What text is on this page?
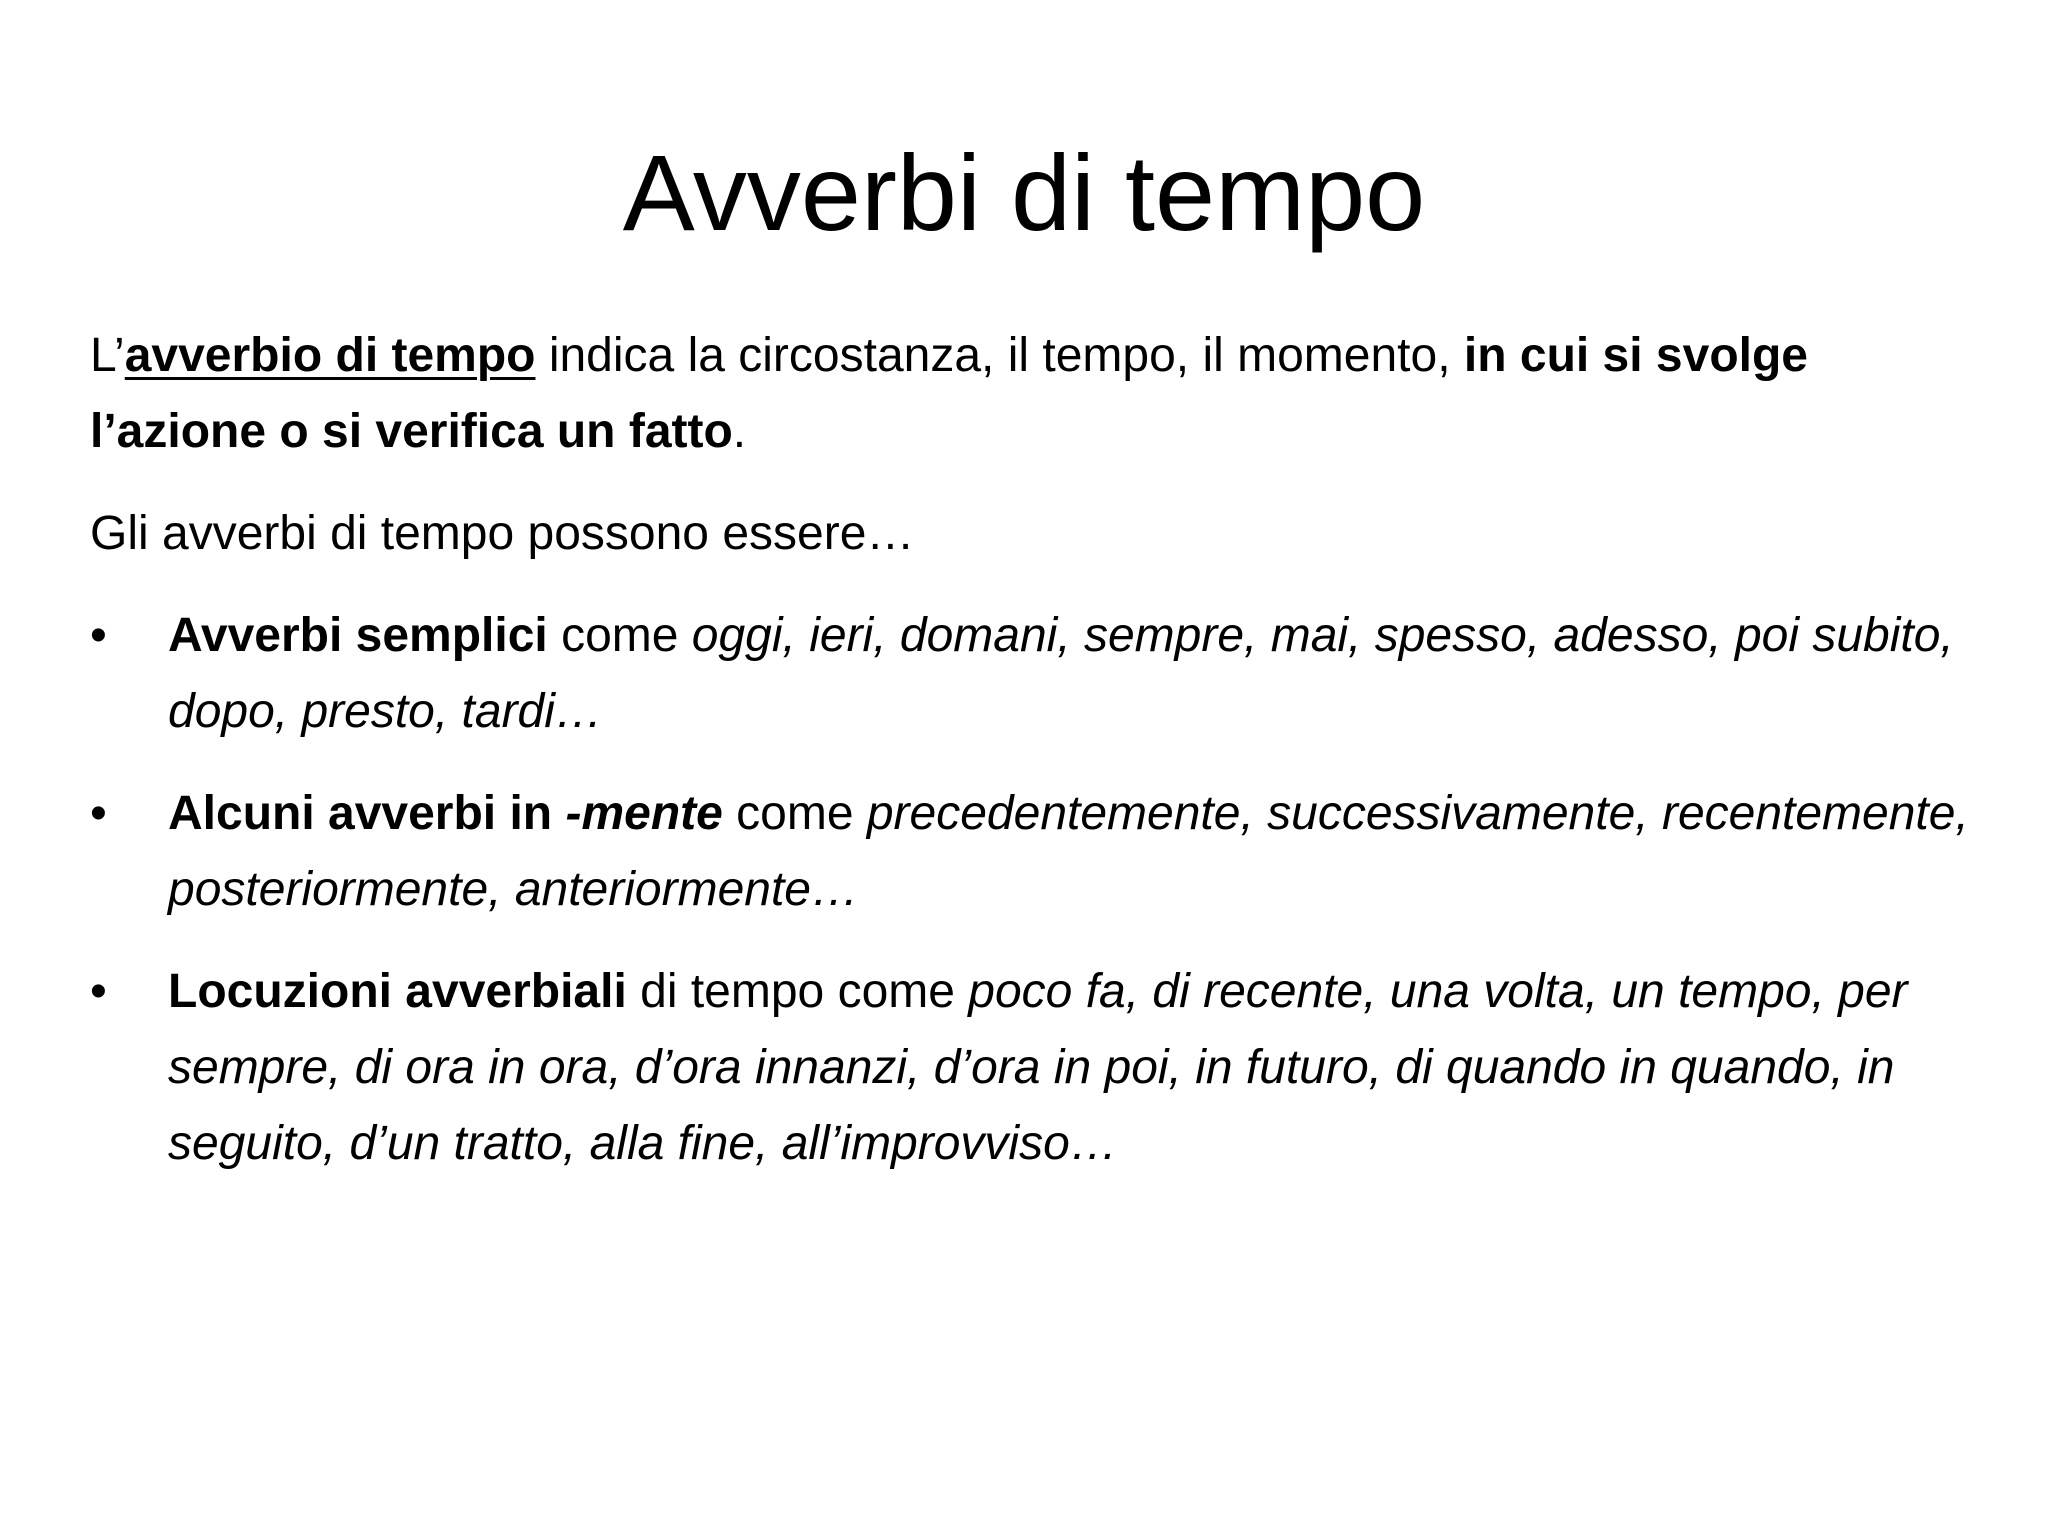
Avverbi di tempo

L’avverbio di tempo indica la circostanza, il tempo, il momento, in cui si svolge l’azione o si verifica un fatto.

Gli avverbi di tempo possono essere…

•	Avverbi semplici come oggi, ieri, domani, sempre, mai, spesso, adesso, poi subito, dopo, presto, tardi…
•	Alcuni avverbi in -mente come precedentemente, successivamente, recentemente, posteriormente, anteriormente…
•	Locuzioni avverbiali di tempo come poco fa, di recente, una volta, un tempo, per sempre, di ora in ora, d’ora innanzi, d’ora in poi, in futuro, di quando in quando, in seguito, d’un tratto, alla fine, all’improvviso…
